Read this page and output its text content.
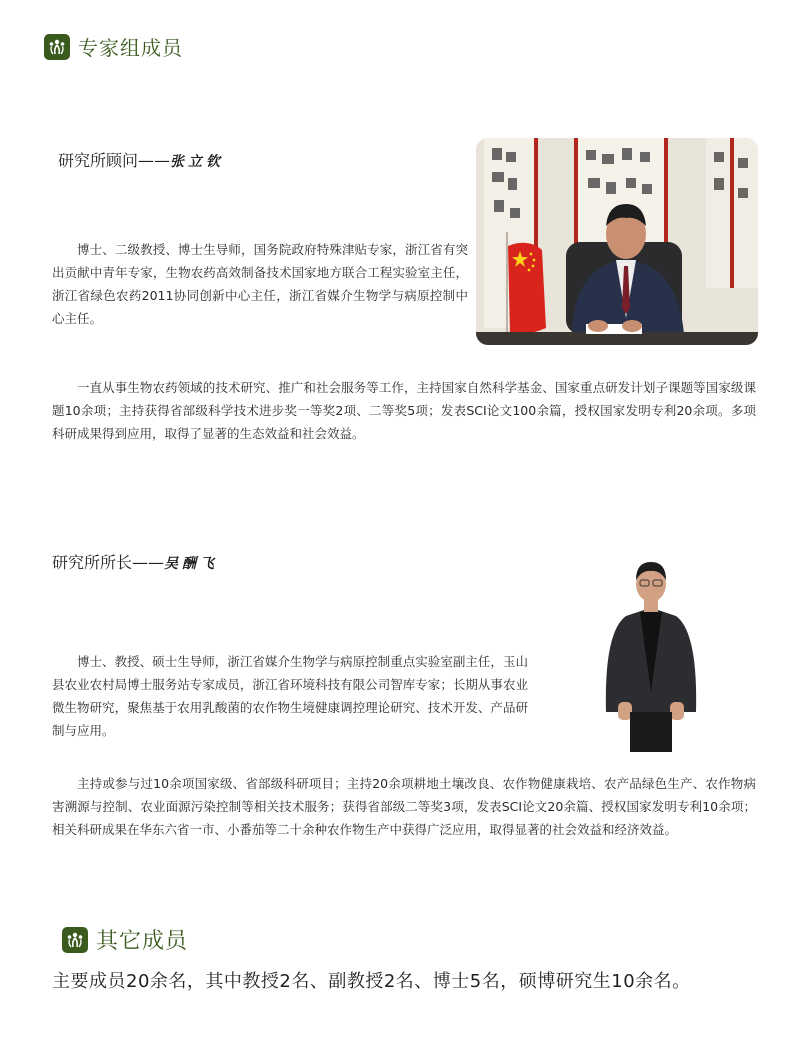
专家组成员
研究所顾问—— 张立钦

博士、二级教授、博士生导师，国务院政府特殊津贴专家，浙江省有突出贡献中青年专家，生物农药高效制备技术国家地方联合工程实验室主任，浙江省绿色农药2011协同创新中心主任，浙江省媒介生物学与病原控制中心主任。

一直从事生物农药领域的技术研究、推广和社会服务等工作，主持国家自然科学基金、国家重点研发计划子课题等国家级课题10余项；主持获得省部级科学技术进步奖一等奖2项、二等奖5项；发表SCI论文100余篇，授权国家发明专利20余项。多项科研成果得到应用，取得了显著的生态效益和社会效益。

研究所所长—— 吴酬飞

博士、教授、硕士生导师，浙江省媒介生物学与病原控制重点实验室副主任，玉山县农业农村局博士服务站专家成员，浙江省环境科技有限公司智库专家；长期从事农业微生物研究，聚焦基于农用乳酸菌的农作物生境健康调控理论研究、技术开发、产品研制与应用。

主持或参与过10余项国家级、省部级科研项目；主持20余项耕地土壤改良、农作物健康栽培、农产品绿色生产、农作物病害溯源与控制、农业面源污染控制等相关技术服务；获得省部级二等奖3项，发表SCI论文20余篇、授权国家发明专利10余项；相关科研成果在华东六省一市、小番茄等二十余种农作物生产中获得广泛应用，取得显著的社会效益和经济效益。

其它成员
主要成员20余名，其中教授2名、副教授2名、博士5名，硕博研究生10余名。
